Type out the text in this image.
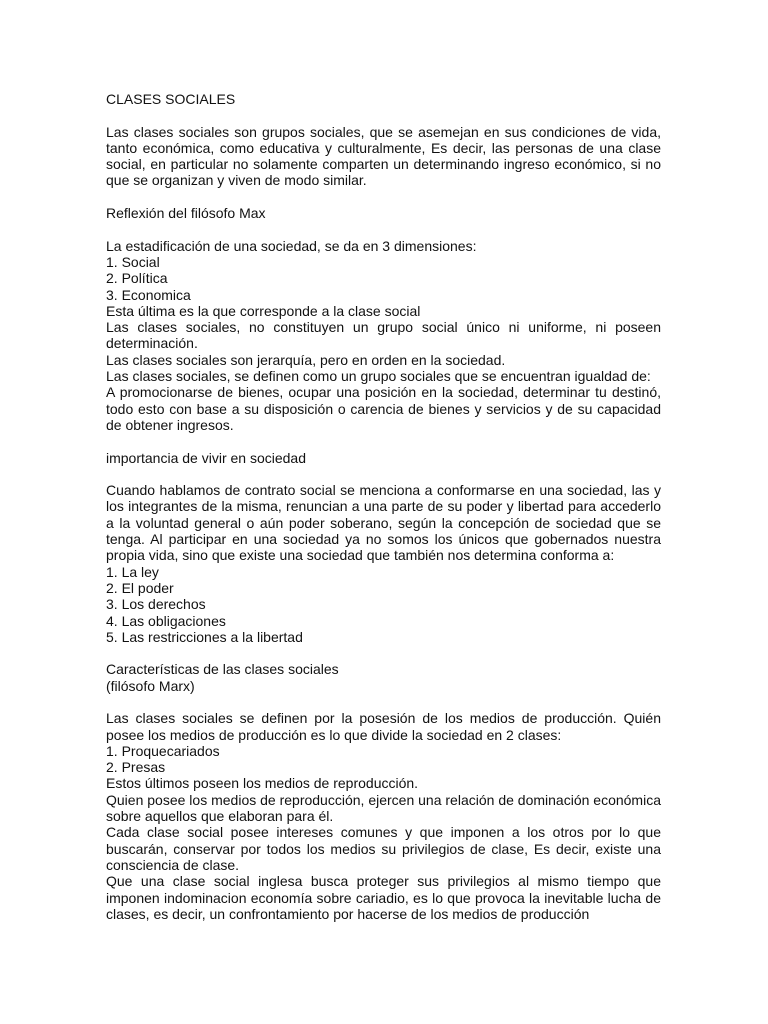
CLASES SOCIALES

Las clases sociales son grupos sociales, que se asemejan en sus condiciones de vida, tanto económica, como educativa y culturalmente, Es decir, las personas de una clase social, en particular no solamente comparten un determinando ingreso económico, si no que se organizan y viven de modo similar.

Reflexión del filósofo Max

La estadificación de una sociedad, se da en 3 dimensiones:

1. Social

2. Política

3. Economica

Esta última es la que corresponde a la clase social

Las clases sociales, no constituyen un grupo social único ni uniforme, ni poseen determinación.

Las clases sociales son jerarquía, pero en orden en la sociedad.

Las clases sociales, se definen como un grupo sociales que se encuentran igualdad de:

A promocionarse de bienes, ocupar una posición en la sociedad, determinar tu destinó, todo esto con base a su disposición o carencia de bienes y servicios y de su capacidad de obtener ingresos.

importancia de vivir en sociedad

Cuando hablamos de contrato social se menciona a conformarse en una sociedad, las y los integrantes de la misma, renuncian a una parte de su poder y libertad para accederlo a la voluntad general o aún poder soberano, según la concepción de sociedad que se tenga. Al participar en una sociedad ya no somos los únicos que gobernados nuestra propia vida, sino que existe una sociedad que también nos determina conforma a:

1. La ley

2. El poder

3. Los derechos

4. Las obligaciones

5. Las restricciones a la libertad

Características de las clases sociales

(filósofo Marx)

Las clases sociales se definen por la posesión de los medios de producción. Quién posee los medios de producción es lo que divide la sociedad en 2 clases:

1. Proquecariados

2. Presas

Estos últimos poseen los medios de reproducción.

Quien posee los medios de reproducción, ejercen una relación de dominación económica sobre aquellos que elaboran para él.

Cada clase social posee intereses comunes y que imponen a los otros por lo que buscarán, conservar por todos los medios su privilegios de clase, Es decir, existe una consciencia de clase.

Que una clase social inglesa busca proteger sus privilegios al mismo tiempo que imponen indominacion economía sobre cariadio, es lo que provoca la inevitable lucha de clases, es decir, un confrontamiento por hacerse de los medios de producción
